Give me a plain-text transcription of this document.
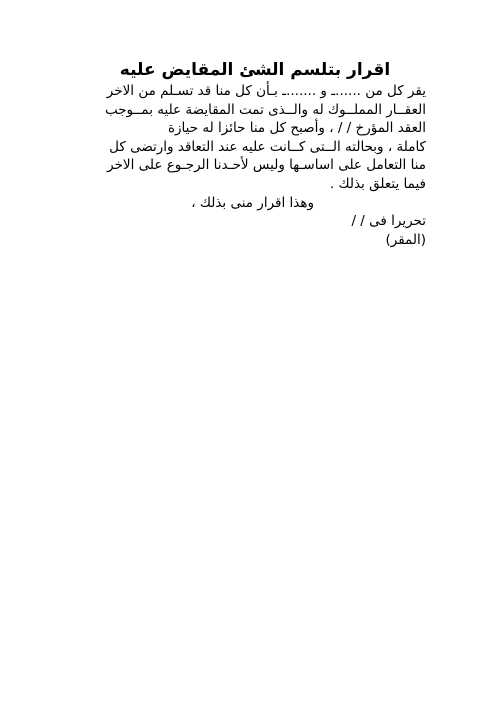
اقرار بتلسم الشئ المقايض عليه
يقر كل من ......ـ و .......ـ بـأن كل منا قد تسـلم من الاخر
العقــار المملــوك له والــذى تمت المقايضة عليه بمــوجب
العقد المؤرخ / / ، وأصبح كل منا حائزا له حيازة
كاملة ، وبحالته الــتى كــانت عليه عند التعاقد وارتضى كل
منا التعامل على اساسـها وليس لأحـدنا الرجـوع على الاخر
فيما يتعلق بذلك .
وهذا اقرار منى بذلك ،
تحريرا فى / /
(المقر)
